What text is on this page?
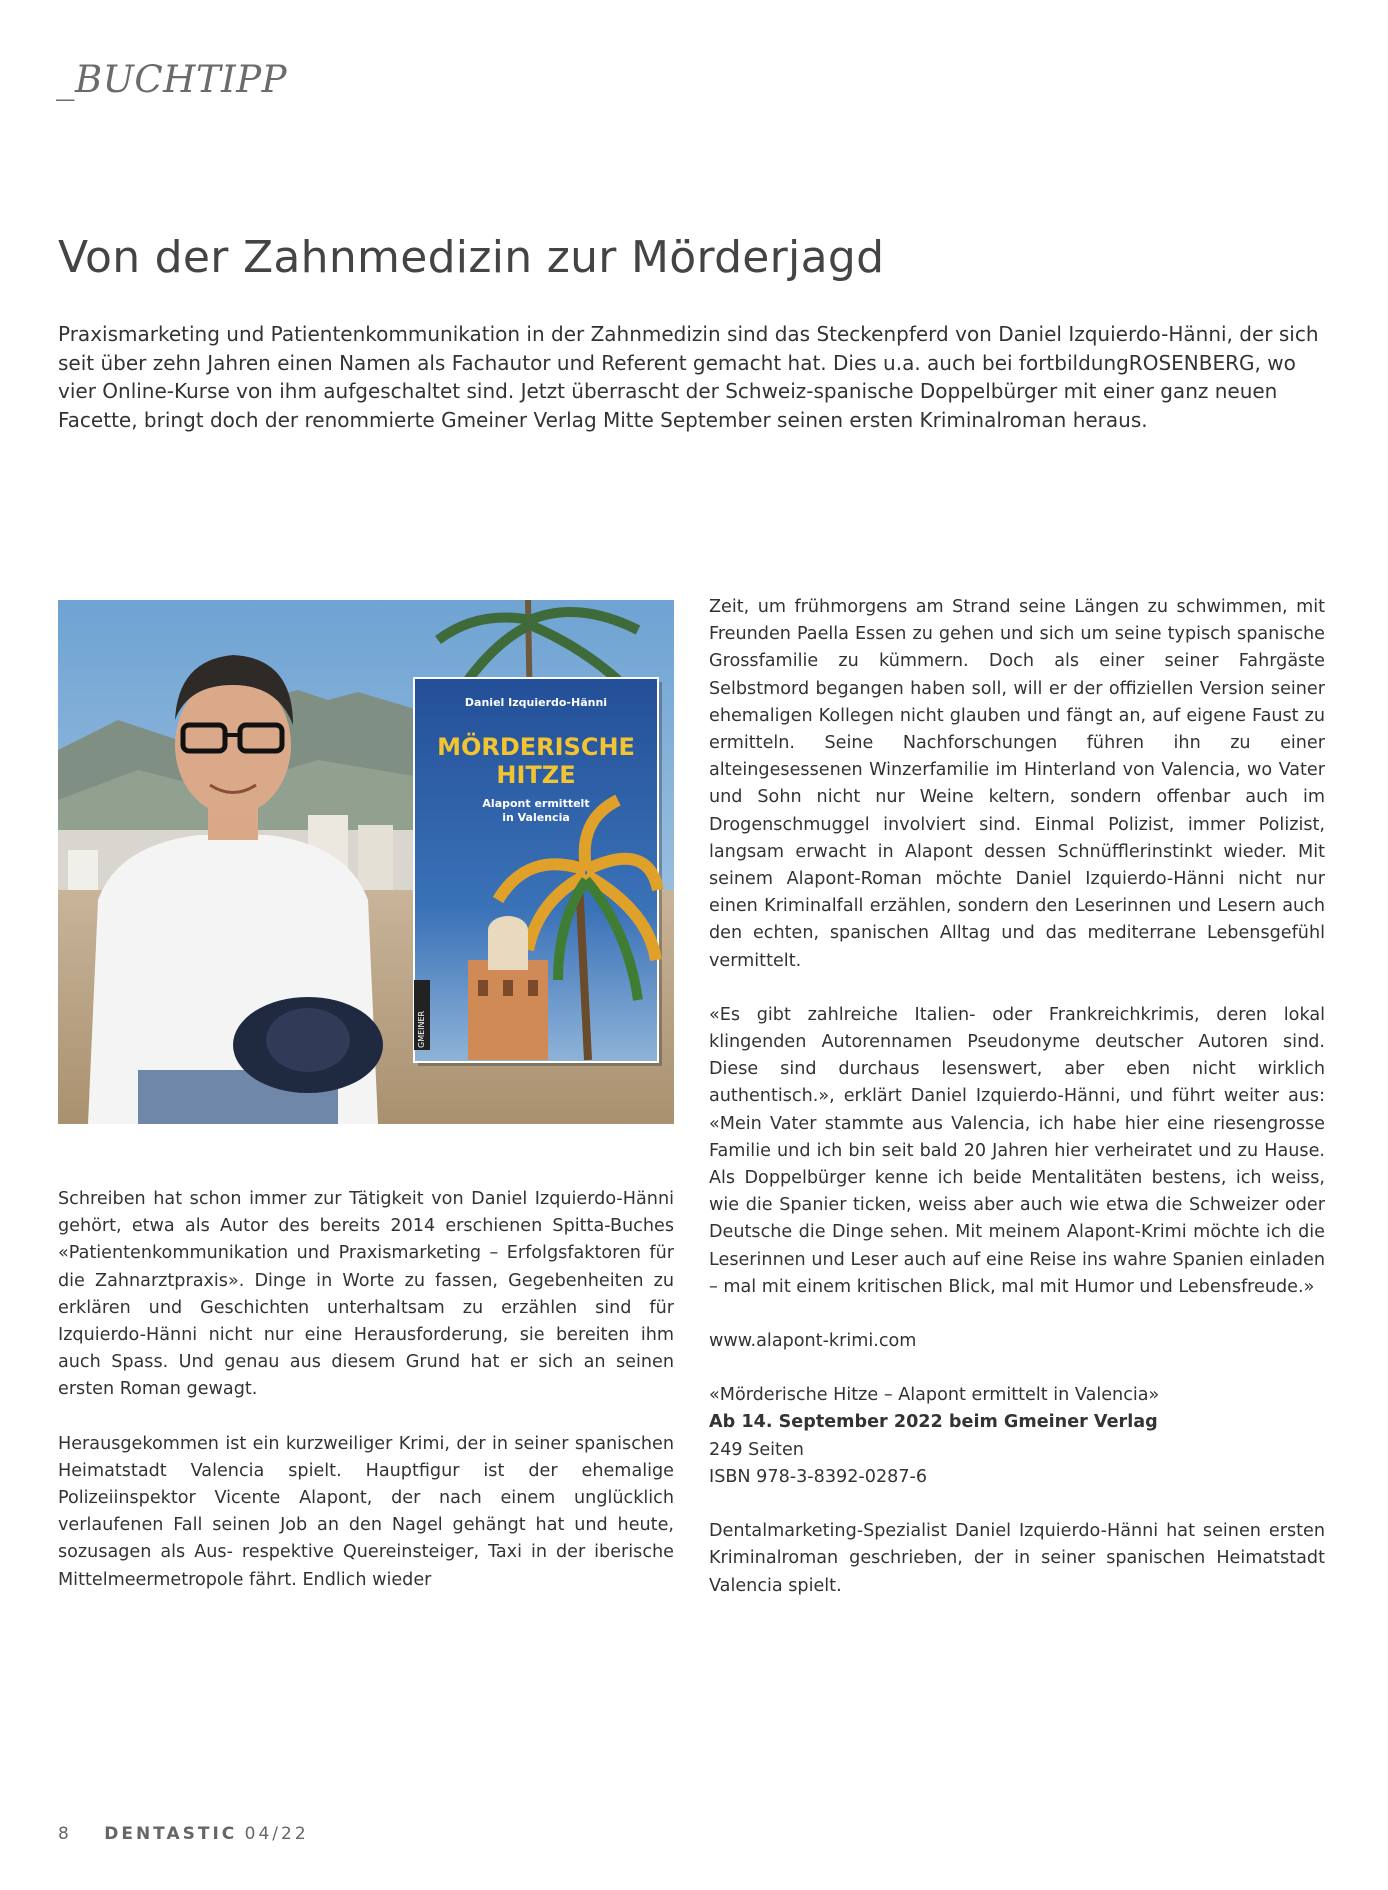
_BUCHTIPP
Von der Zahnmedizin zur Mörderjagd

Praxismarketing und Patientenkommunikation in der Zahnmedizin sind das Steckenpferd von Daniel Izquierdo-Hänni, der sich seit über zehn Jahren einen Namen als Fachautor und Referent gemacht hat. Dies u.a. auch bei fortbildungROSENBERG, wo vier Online-Kurse von ihm aufgeschaltet sind. Jetzt überrascht der Schweiz-spanische Doppelbürger mit einer ganz neuen Facette, bringt doch der renommierte Gmeiner Verlag Mitte September seinen ersten Kriminalroman heraus.

GMEINER
Daniel Izquierdo-Hänni
MÖRDERISCHE
HITZE
Alapont ermittelt
in Valencia

Schreiben hat schon immer zur Tätigkeit von Daniel Izquierdo-Hänni gehört, etwa als Autor des bereits 2014 erschienen Spitta-Buches «Patientenkommunikation und Praxismarketing – Erfolgsfaktoren für die Zahnarztpraxis». Dinge in Worte zu fassen, Gegebenheiten zu erklären und Geschichten unterhaltsam zu erzählen sind für Izquierdo-Hänni nicht nur eine Herausforderung, sie bereiten ihm auch Spass. Und genau aus diesem Grund hat er sich an seinen ersten Roman gewagt.

Herausgekommen ist ein kurzweiliger Krimi, der in seiner spanischen Heimatstadt Valencia spielt. Hauptfigur ist der ehemalige Polizeiinspektor Vicente Alapont, der nach einem unglücklich verlaufenen Fall seinen Job an den Nagel gehängt hat und heute, sozusagen als Aus- respektive Quereinsteiger, Taxi in der iberische Mittelmeermetropole fährt. Endlich wieder

Zeit, um frühmorgens am Strand seine Längen zu schwimmen, mit Freunden Paella Essen zu gehen und sich um seine typisch spanische Grossfamilie zu kümmern. Doch als einer seiner Fahrgäste Selbstmord begangen haben soll, will er der offiziellen Version seiner ehemaligen Kollegen nicht glauben und fängt an, auf eigene Faust zu ermitteln. Seine Nachforschungen führen ihn zu einer alteingesessenen Winzerfamilie im Hinterland von Valencia, wo Vater und Sohn nicht nur Weine keltern, sondern offenbar auch im Drogenschmuggel involviert sind. Einmal Polizist, immer Polizist, langsam erwacht in Alapont dessen Schnüfflerinstinkt wieder. Mit seinem Alapont-Roman möchte Daniel Izquierdo-Hänni nicht nur einen Kriminalfall erzählen, sondern den Leserinnen und Lesern auch den echten, spanischen Alltag und das mediterrane Lebensgefühl vermittelt.

«Es gibt zahlreiche Italien- oder Frankreichkrimis, deren lokal klingenden Autorennamen Pseudonyme deutscher Autoren sind. Diese sind durchaus lesenswert, aber eben nicht wirklich authentisch.», erklärt Daniel Izquierdo-Hänni, und führt weiter aus: «Mein Vater stammte aus Valencia, ich habe hier eine riesengrosse Familie und ich bin seit bald 20 Jahren hier verheiratet und zu Hause. Als Doppelbürger kenne ich beide Mentalitäten bestens, ich weiss, wie die Spanier ticken, weiss aber auch wie etwa die Schweizer oder Deutsche die Dinge sehen. Mit meinem Alapont-Krimi möchte ich die Leserinnen und Leser auch auf eine Reise ins wahre Spanien einladen – mal mit einem kritischen Blick, mal mit Humor und Lebensfreude.»

www.alapont-krimi.com

«Mörderische Hitze – Alapont ermittelt in Valencia»
Ab 14. September 2022 beim Gmeiner Verlag
249 Seiten
ISBN 978-3-8392-0287-6

Dentalmarketing-Spezialist Daniel Izquierdo-Hänni hat seinen ersten Kriminalroman geschrieben, der in seiner spanischen Heimatstadt Valencia spielt.

8 DENTASTIC 04/22
